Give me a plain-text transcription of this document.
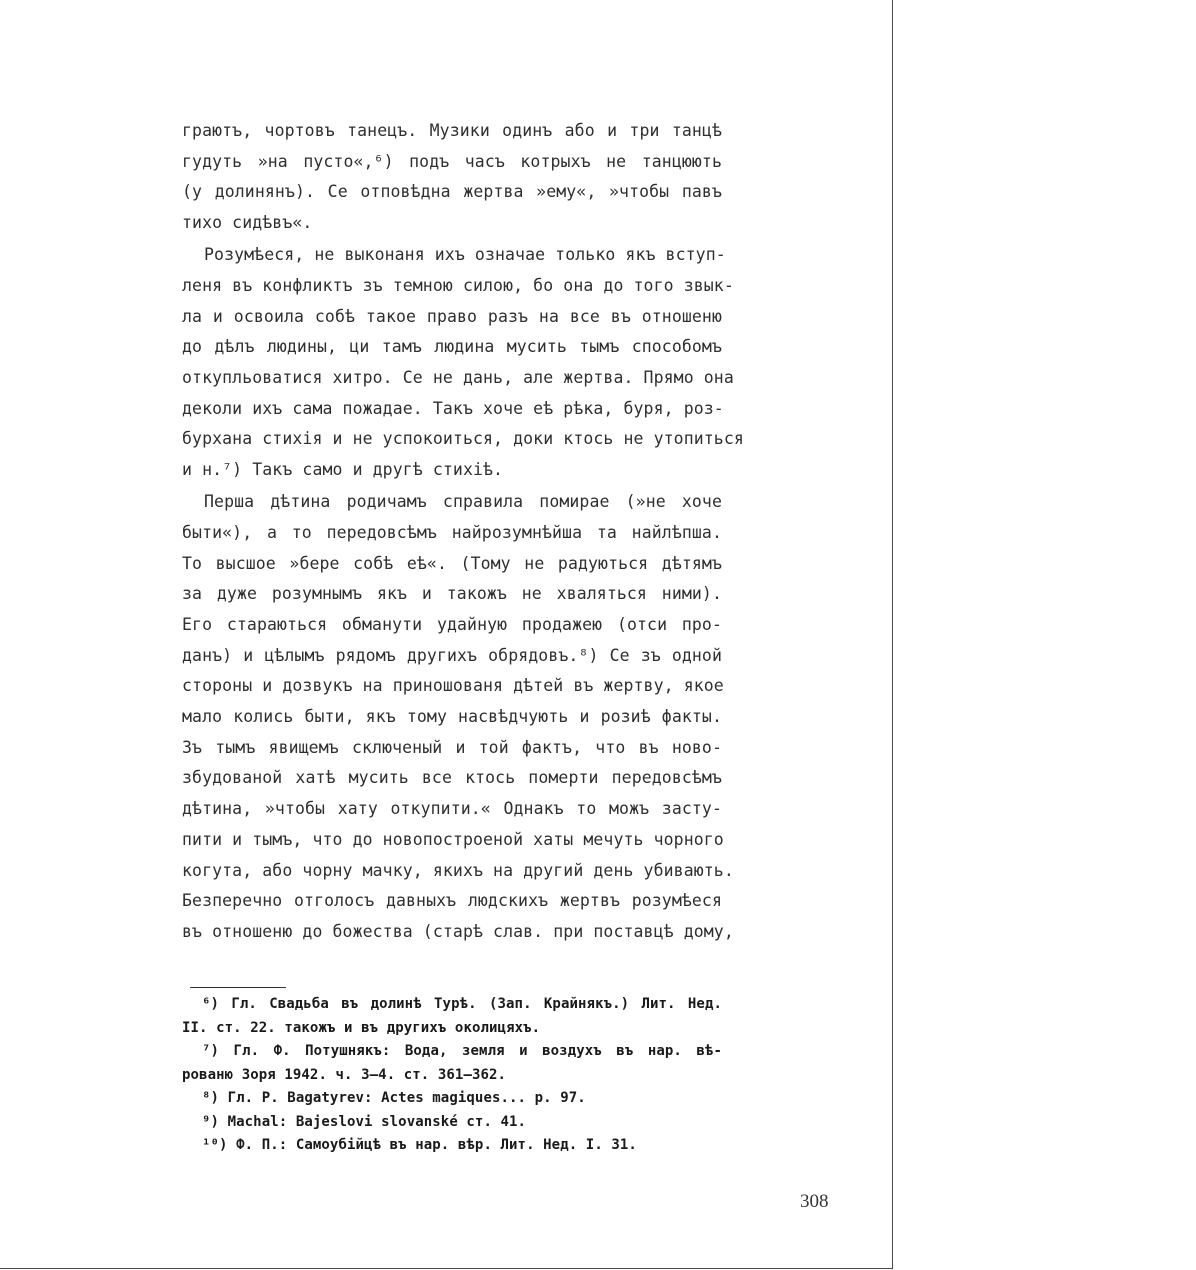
граютъ, чортовъ танецъ. Музики одинъ або и три танцѣ
гудуть »на пусто«,⁶) подъ часъ котрыхъ не танцюють
(у долинянъ). Се отповѣдна жертва »ему«, »чтобы павъ
тихо сидѣвъ«.
Розумѣеся, не выконаня ихъ означае только якъ вступ-
леня въ конфликтъ зъ темною силою, бо она до того звык-
ла и освоила собѣ такое право разъ на все въ отношеню
до дѣлъ людины, ци тамъ людина мусить тымъ способомъ
откупльоватися хитро. Се не дань, але жертва. Прямо она
деколи ихъ сама пожадае. Такъ хоче еѣ рѣка, буря, роз-
бурхана стихія и не успокоиться, доки ктось не утопиться
и н.⁷) Такъ само и другѣ стихіѣ.
Перша дѣтина родичамъ справила помирае (»не хоче
быти«), а то передовсѣмъ найрозумнѣйша та найлѣпша.
То высшое »бере собѣ еѣ«. (Тому не радуються дѣтямъ
за дуже розумнымъ якъ и такожъ не хваляться ними).
Его стараються обманути удайную продажею (отси про-
данъ) и цѣлымъ рядомъ другихъ обрядовъ.⁸) Се зъ одной
стороны и дозвукъ на приношованя дѣтей въ жертву, якое
мало колись быти, якъ тому насвѣдчують и розиѣ факты.
Зъ тымъ явищемъ сключеный и той фактъ, что въ ново-
збудованой хатѣ мусить все ктось померти передовсѣмъ
дѣтина, »чтобы хату откупити.« Однакъ то можъ засту-
пити и тымъ, что до новопостроеной хаты мечуть чорного
когута, або чорну мачку, якихъ на другий день убивають.
Безперечно отголосъ давныхъ людскихъ жертвъ розумѣеся
въ отношеню до божества (старѣ слав. при поставцѣ дому,
⁶) Гл. Свадьба въ долинѣ Турѣ. (Зап. Крайнякъ.) Лит. Нед.
II. ст. 22. такожъ и въ другихъ околицяхъ.
⁷) Гл. Ф. Потушнякъ: Вода, земля и воздухъ въ нар. вѣ-
рованю Зоря 1942. ч. 3—4. ст. 361—362.
⁸) Гл. P. Bagatyrev: Actes magiques... p. 97.
⁹) Machal: Bajeslovi slovanské ст. 41.
¹⁰) Ф. П.: Самоубійцѣ въ нар. вѣр. Лит. Нед. I. 31.
308
